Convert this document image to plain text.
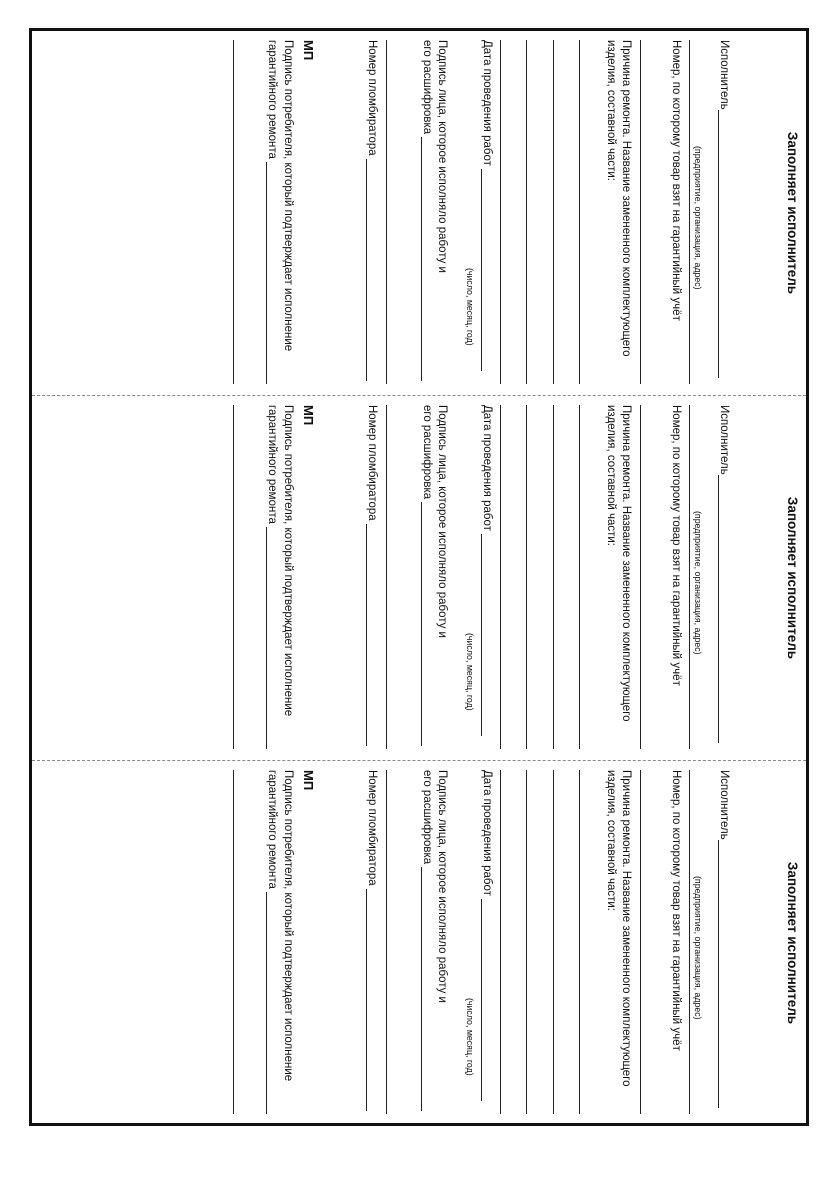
Заполняет исполнитель
Исполнитель
(предприятие, организация, адрес)
Номер, по которому товар взят на гарантийный учёт
Причина ремонта. Название замененного комплектующего
изделия, составной части:
Дата проведения работ
(число, месяц, год)
Подпись лица, которое исполняло работу и
его расшифровка
Номер пломбиратора
МП
Подпись потребителя, который подтверждает исполнение
гарантийного ремонта
Заполняет исполнитель
Исполнитель
(предприятие, организация, адрес)
Номер, по которому товар взят на гарантийный учёт
Причина ремонта. Название замененного комплектующего
изделия, составной части:
Дата проведения работ
(число, месяц, год)
Подпись лица, которое исполняло работу и
его расшифровка
Номер пломбиратора
МП
Подпись потребителя, который подтверждает исполнение
гарантийного ремонта
Заполняет исполнитель
Исполнитель
(предприятие, организация, адрес)
Номер, по которому товар взят на гарантийный учёт
Причина ремонта. Название замененного комплектующего
изделия, составной части:
Дата проведения работ
(число, месяц, год)
Подпись лица, которое исполняло работу и
его расшифровка
Номер пломбиратора
МП
Подпись потребителя, который подтверждает исполнение
гарантийного ремонта
